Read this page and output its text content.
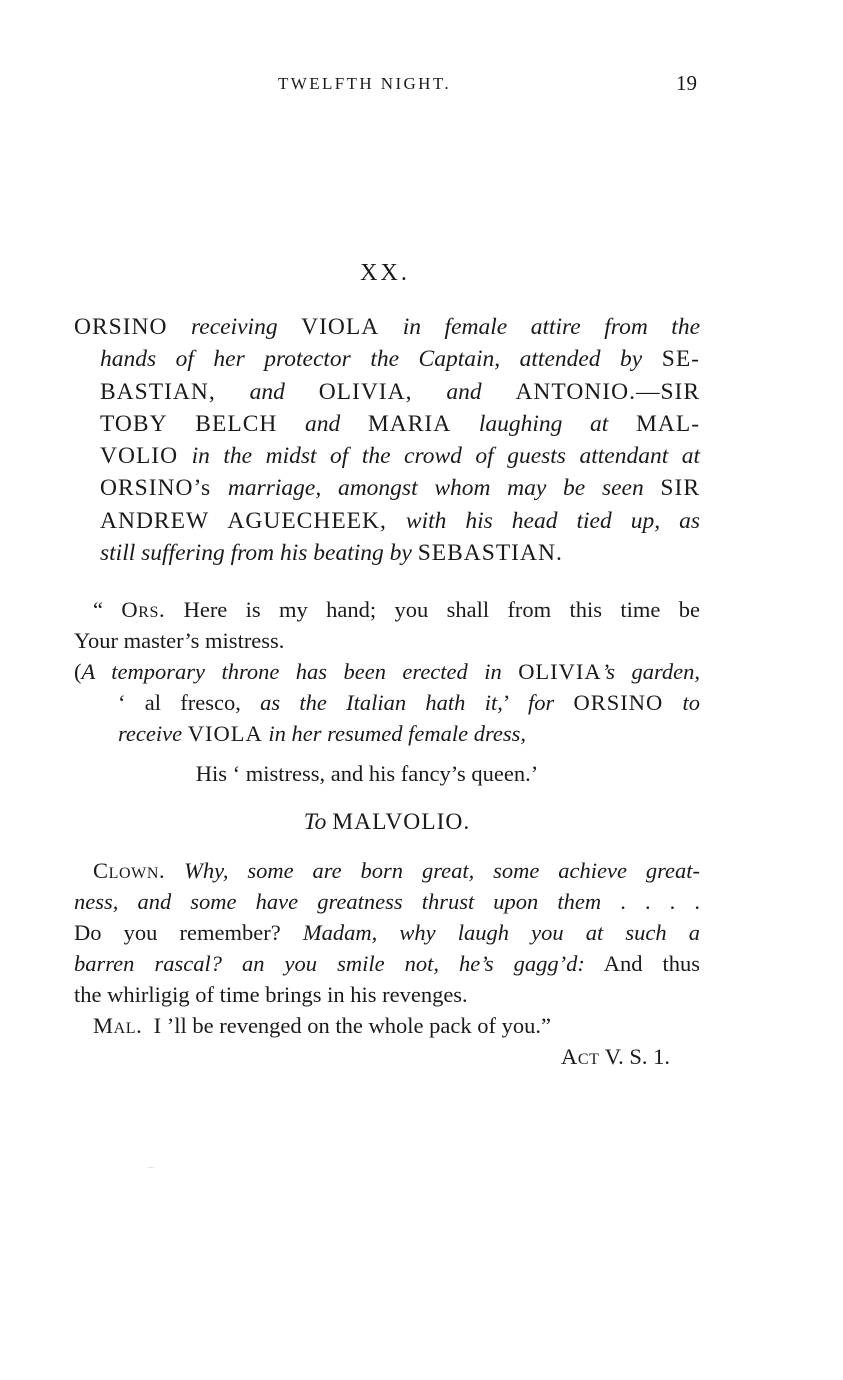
TWELFTH NIGHT.	19
XX.
ORSINO receiving VIOLA in female attire from the
hands of her protector the Captain, attended by SE-
BASTIAN, and OLIVIA, and ANTONIO.—SIR
TOBY BELCH and MARIA laughing at MAL-
VOLIO in the midst of the crowd of guests attendant at
ORSINO’s marriage, amongst whom may be seen SIR
ANDREW AGUECHEEK, with his head tied up, as
still suffering from his beating by SEBASTIAN.
“ Ors. Here is my hand; you shall from this time be
Your master’s mistress.
(A temporary throne has been erected in OLIVIA’s garden,
‘ al fresco, as the Italian hath it,’ for ORSINO to
receive VIOLA in her resumed female dress,
His ‘ mistress, and his fancy’s queen.’
To MALVOLIO.
Clown. Why, some are born great, some achieve great-
ness, and some have greatness thrust upon them . . . .
Do you remember? Madam, why laugh you at such a
barren rascal? an you smile not, he’s gagg’d: And thus
the whirligig of time brings in his revenges.
Mal. I ’ll be revenged on the whole pack of you.”
Act V. S. 1.
